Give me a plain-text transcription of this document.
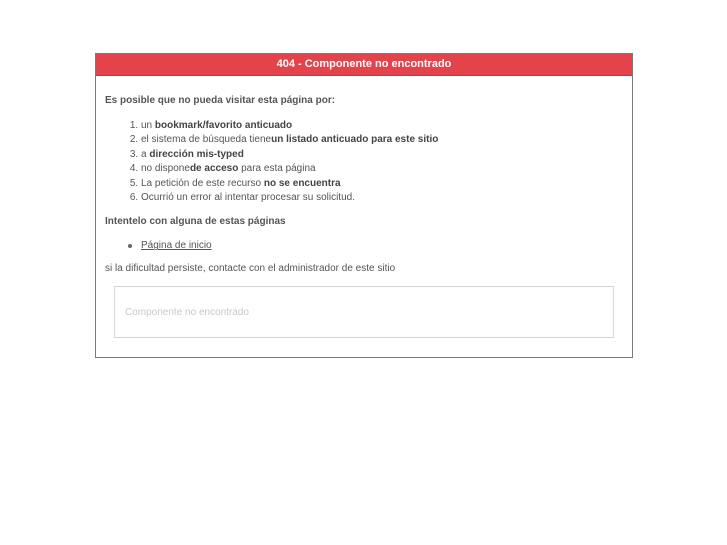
404 - Componente no encontrado
Es posible que no pueda visitar esta página por:
1. un bookmark/favorito anticuado
2. el sistema de búsqueda tieneun listado anticuado para este sitio
3. a dirección mis-typed
4. no disponede acceso para esta página
5. La petición de este recurso no se encuentra
6. Ocurrió un error al intentar procesar su solicitud.
Intentelo con alguna de estas páginas
Página de inicio
si la dificultad persiste, contacte con el administrador de este sitio
Componente no encontrado
